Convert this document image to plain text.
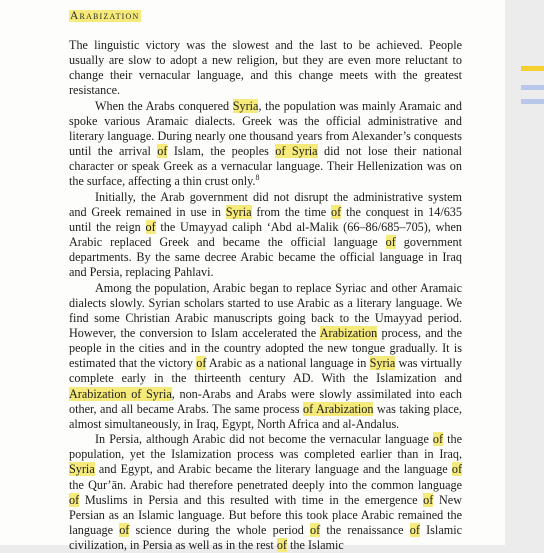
Arabization

The linguistic victory was the slowest and the last to be achieved. People usually are slow to adopt a new religion, but they are even more reluctant to change their vernacular language, and this change meets with the greatest resistance.

When the Arabs conquered Syria, the population was mainly Aramaic and spoke various Aramaic dialects. Greek was the official administrative and literary language. During nearly one thousand years from Alexander’s conquests until the arrival of Islam, the peoples of Syria did not lose their national character or speak Greek as a vernacular language. Their Hellenization was on the surface, affecting a thin crust only.$^8$

Initially, the Arab government did not disrupt the administrative system and Greek remained in use in Syria from the time of the conquest in 14/635 until the reign of the Umayyad caliph ‘Abd al-Malik (66–86/685–705), when Arabic replaced Greek and became the official language of government departments. By the same decree Arabic became the official language in Iraq and Persia, replacing Pahlavi.

Among the population, Arabic began to replace Syriac and other Aramaic dialects slowly. Syrian scholars started to use Arabic as a literary language. We find some Christian Arabic manuscripts going back to the Umayyad period. However, the conversion to Islam accelerated the Arabization process, and the people in the cities and in the country adopted the new tongue gradually. It is estimated that the victory of Arabic as a national language in Syria was virtually complete early in the thirteenth century AD. With the Islamization and Arabization of Syria, non-Arabs and Arabs were slowly assimilated into each other, and all became Arabs. The same process of Arabization was taking place, almost simultaneously, in Iraq, Egypt, North Africa and al-Andalus.

In Persia, although Arabic did not become the vernacular language of the population, yet the Islamization process was completed earlier than in Iraq, Syria and Egypt, and Arabic became the literary language and the language of the Qur’ān. Arabic had therefore penetrated deeply into the common language of Muslims in Persia and this resulted with time in the emergence of New Persian as an Islamic language. But before this took place Arabic remained the language of science during the whole period of the renaissance of Islamic civilization, in Persia as well as in the rest of the Islamic
